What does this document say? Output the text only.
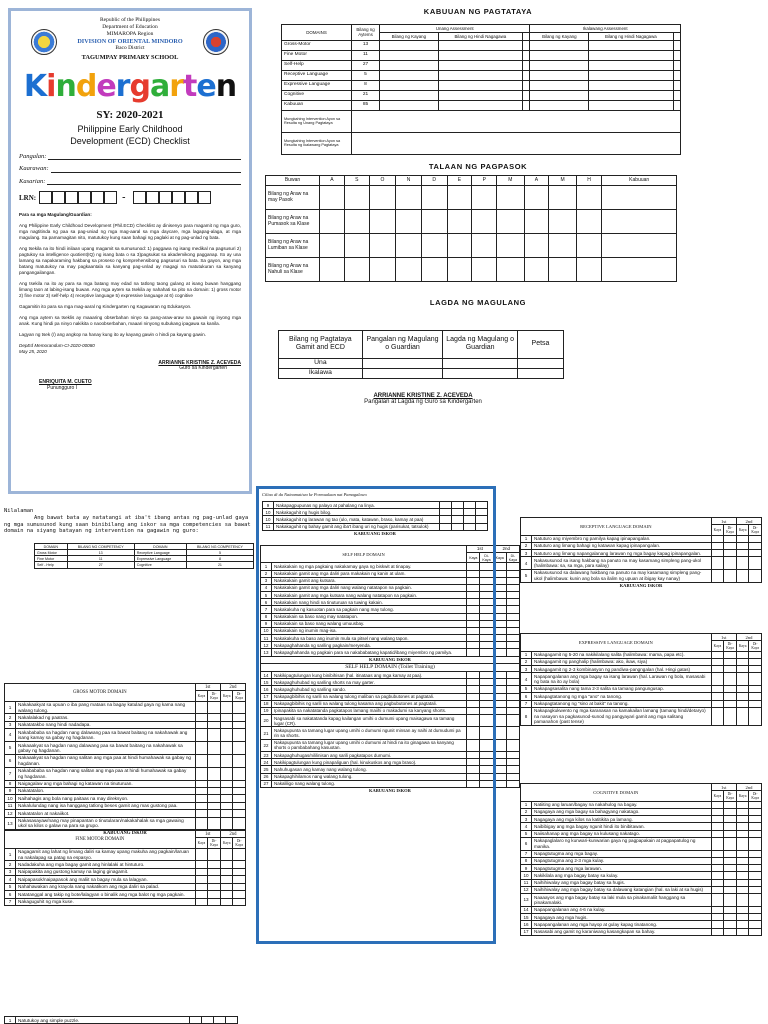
Republic of the Philippines
Department of Education
MIMAROPA Region
DIVISION OF ORIENTAL MINDORO
Baco District
TAGUMPAY PRIMARY SCHOOL
Kindergarten
SY: 2020-2021
Philippine Early Childhood
Development (ECD) Checklist
Pangalan:
Kaarawan:
Kasarian:
LRN:	-
Para sa mga Magulang/Guardian:
Ang Philippine Early Childhood Development (Phil.ECD) Checklist ay dinisenyo para magamit ng mga guro, mga nagtitinda ng paa sa pag-uniad ng mga mag-aaral sa mga daycare, mga lagapag-alaga, at mga magulang. Sa pamamagitan nito, matutukoy kung saan bahagi ng paglaki at ng pag-unlad ng bata.
Ang tsekila na ito hindi inilaan upang magamit sa sumusunod: 1) paggawa ng isang medikal na pagsusuri 2) pagtukoy sa intelligence quotient(IQ) ng isang bata o sa 3)pagsukat sa akademikong pagganap. Ito ay una lamang sa napakaraming hakbang sa proseso ng komprehensibong pagsusuri sa bata. Sa gayon, ang mga batang matutukoy na may pagkaantala sa kanyang pag-unlad ay magagi na matutukuran sa kanyang pangangailangan.
Ang tsekila na ito ay para sa mga batang may edad na tatlong taong gulang at isang buwan hanggang limang taon at labing-isang buwan. Ang mga aytem sa tsekila ay nahahati sa pito na domain: 1) gross motor 2) fine motor 3) self-help 4) receptive language 5) expressive language at 6) cognitive
Gagamitin ito para sa mga mag-aaral ng Kindergarten ng Kagawaran ng Edukasyon.
Ang mga aytem sa tseklis ay maaaring obserbahan ninyo sa pang-araw-araw na gawain ng inyong mga anak. Kung hindi pa ninyo nakikita o naoobserbahan, maaari ninyong subukang ipagawa sa kanila.
Lagyan ng tsek (/) ang angkop na hanay kung ito ay kayang gawin o hindi pa kayang gawin.
DepEd Memorandum-CI-2020-00080
May 25, 2020
ARRIANNE KRISTINE Z. ACEVEDA
Guro sa Kindergarten
ENRIQUITA M. CUETO
Punungguro I
KABUUAN NG PAGTATAYA
DOMAINS	Bilang ng Aytems	Unang Assessment			Ikalawang Assessment		
		Bilang ng Kayang	Bilang ng Hindi Nagagawa		Bilang ng Kayang	Bilang ng Hindi Nagagawa	
Gross-Motor	13						
Fine Motor	11						
Self-Help	27						
Receptive Language	5						
Expressive Language	8						
Cognitive	21						
Kabuuan	85						
Mungkahing Intervention Ayon sa Resulta ng Unang Pagtataya							
Mungkahing Intervention Ayon sa Resulta ng Ikalawang Pagtataya							
TALAAN NG PAGPASOK
Buwan	A	S	O	N	D	E	P	M	A	M	H	Kabuuan
Bilang ng Araw na may Pasok												
Bilang ng Araw na Pumasok sa Klase												
Bilang ng Araw na Lumiban sa Klase												
Bilang ng Araw na Nahuli sa Klase												
LAGDA NG MAGULANG
Bilang ng Pagtataya Gamit and ECD	Pangalan ng Magulang o Guardian	Lagda ng Magulang o Guardian	Petsa
Una			
Ikalawa			
ARRIANNE KRISTINE Z. ACEVEDA
Pangalan at Lagda ng Guro sa Kindergarten
Nilalaman
Ang bawat bata ay natatangi at iba't ibang antas ng pag-unlad gaya ng mga sumusunod kung saan binibilang ang iskor sa mga competencies sa bawat domain na siyang batayan ng intervention na gagawin ng guro:
DOMAIN	BILANG NG COMPETENCY	DOMAIN	BILANG NG COMPETENCY
Gross Motor	13	Receptive Language	5
Fine Motor	11	Expressive Language	8
Self - Help	27	Cognitive	21
GROSS MOTOR DOMAIN		1st		2nd	
		Kaya	Di-Kaya	Kaya	Di-Kaya
1	Nakakaakyat sa upuan o iba pang mataas na bagay katulad gaya ng kama nang walang tulong.				
2	Nakalalakad ng paatras.				
3	Nakatatakbo nang hindi nadadapa.				
4	Nakabababa sa hagdan nang dalawang paa sa bawat baitang na nakahawak ang isang kamay sa gabay ng hagdanan.				
5	Nakaaakyat sa hagdan nang dalawang paa sa bawat baitang na nakahawak sa gabay ng hagdanan.				
6	Nakaaakyat sa hagdan nang salitan ang mga paa at hindi humahawak sa gabay ng hagdanan.				
7	Nakabababa sa hagdan nang salitan ang mga paa at hindi humahawak sa gabay ng hagdanan.				
8	Naigagalaw ang mga bahagi ng katawan na tinuturuan.				
9	Nakatatalon.				
10	Naihahagis ang bola nang paitaas na may direksyon.				
11	Nakalulundag nang isa hanggang tatlong beses gamit ang mas gustong paa.				
12	Nakatatalon at nakaiikot.				
13	Nakasasayaw/nang may pinapantan o tinutularan/nakakahalak sa mga gawaing ukol sa kilos o galaw na para sa grupo.				
KABUUANG ISKOR					
FINE MOTOR DOMAIN		1st		2nd	
		Kaya	Di-Kaya	Kaya	Di-Kaya
1	Nagagamit ang lahat ng limang daliri sa kamay upang makuha ang pagkain/laruan na nakalapag sa patag na espasyo.				
2	Nadadakuha ang mga bagay gamit ang hinlalaki at hintuturo.				
3	Naipapakita ang gustong kamay na laging ginagamit.				
4	Naipapasok/naipapasok ang maliit na bagay mula sa lalagyan.				
5	Nahahawakan ang krayola nang nakatikom ang mga daliri sa palad.				
6	Natatanggal ang takip ng bote/lalagyan o binalik ang mga balot ng mga pagkain.				
7	Nakaguguhit ng mga kuse.				
1	Natutukoy ang simple puzzle.				
Ciliao di da Nainamatiwa ke Pormualaan nat Pamagalawo
9	Nakapagpupunas ng palayo at pahalang na linya.				
10	Nakakaguhit ng hugis bilog.				
10	Nakakaguhit ng larawan ng tao (ulo, mata, katawan, braso, kamay at paa)				
11	Nakakaguhit ng bahay gamit ang iba't ibang uri ng hugis (parisukat, tatsulok)				
KABUUANG ISKOR					
SELF HELP DOMAIN		1st		2nd	
		Kaya	Di-Kaya	Kaya	Di-Kaya
1	Nakakakain ng mga pagkaing nakakamay gaya ng biskwit at tinapay.				
2	Nakakakain gamit ang mga daliri para makakain ng kanin at ulam.				
3	Nakakakain gamit ang kutsara.				
4	Nakakakain gamit ang mga daliri nang walang natatapon na pagkain.				
5	Nakakakain gamit ang mga kutsara nang walang natatapon na pagkain.				
6	Nakakakain nang hindi na tinuturuan sa tuwing kakain.				
7	Nakakakuha ng kasuotan para sa pagkain nang may tulong.				
8	Nakakakain sa baso nang may natatapon.				
9	Nakakakain sa baso nang walang umuusbay.				
10	Nakakakain ng inumin mag-isa.				
11	Nakakakuha sa baso ang inumin mula sa pitsel nang walang tapon.				
12	Nakapaghahanda ng sariling pagkain/meryenda.				
13	Nakapaghahanda ng pagkain para sa nakababatang kapatid/ibang miyembro ng pamilya.				
KABUUANG ISKOR					
SELF HELP DOMAIN (Toilet Training)					
14	Nakikipagtulungan kung binibihisan (hal. itinataas ang mga kamay at paa).				
15	Nakapaghuhubad ng sariling shorts na may garter.				
16	Nakapaghuhubad ng sariling sando.				
17	Nakapagbibihis ng sarili na walang tulong maliban sa pagbubutones at pagtatali.				
18	Nakapagbibihis ng sarili na walang tulong kasama ang pagbubutones at pagtatali.				
19	Ipinapakita sa nakatatanda pagkatapos lamang maiihi o makadumi sa kanyang shorts.				
20	Nagsasabi sa nakatatanda kapag kailangan umihi o dumumi upang maisagawa sa tamang lugar (CR).				
21	Nakapupunta sa tamang lugar upang umihi o dumumi ngunit minsan ay naihi at dumudumi pa rin sa shorts.				
22	Nakapupunta sa tamang lugar upang umihi o dumumi at hindi na ito ginagawa sa kanyang shorts o pambabahang kasuotan.				
23	Nakapaghuhugas/nililinisan ang sarili pagkatapos dumumi.				
24	Nakikipagtulungan kung pinapaliguan (hal. kinukuskos ang mga braso).				
25	Nahuhugasan ang kamay nang walang tulong.				
26	Nakapaghihilamos nang walang tulong.				
27	Nakaliligo nang walang tulong.				
KABUUANG ISKOR					
RECEPTIVE LANGUAGE DOMAIN		1st		2nd	
		Kaya	Di-Kaya	Kaya	Di-Kaya
1	Natuturo ang miyembro ng pamilya kapag ipinapangalan.				
2	Natuturo ang limang bahagi ng katawan kapag ipinapangalan.				
3	Natuturo ang limang napangalanang larawan ng mga bagay kapag ipinapangalan.				
4	Nakasusunod sa isang hakbang na panuto na may kasamang simpleng pang-ukol (halimbawa: sa, sa mga, para sailay)				
5	Nakasusunod sa dalawang hakbang na panuto na may kasamang simpleng pang-ukol (halimbawa: kunin ang bola sa ilalim ng upuan at ibigay kay nanay)				
KABUUANG ISKOR					
EXPRESSIVE LANGUAGE DOMAIN		1st		2nd	
		Kaya	Di-Kaya	Kaya	Di-Kaya
1	Nakagagamit ng 5-20 na nakikilalang salita (halimbawa: mama, papa etc).				
2	Nakagagamit ng panghalip (halimbawa: ako, ikaw, siya)				
3	Nakagagamit ng 2-3 kombinasyon ng pandiwa-pangngalan (hal. Hingi gatas)				
4	Napapangalanan ang mga bagay sa isang larawan (hal. Larawan ng bola, masasabi ng bata na ito ay bola)				
5	Nakapagsasalita nang tama 2-3 salita sa tamang pangungusap.				
6	Nakapagtatanong ng mga "ano" na tanong.				
7	Nakapagtatanong ng "sino at bakit" na tanong.				
8	Nakapagkukwento ng mga karanasan na kamakailan lamang (tamang hindi/detaryo) na nasayon sa pagkasunod-sunod ng pangyayari gamit ang mga salitang pamanahon (past tense)				
COGNITIVE DOMAIN		1st		2nd	
		Kaya	Di-Kaya	Kaya	Di-Kaya
1	Natiiting ang laruan/bagay na nakahulog na bagay.				
2	Nagagaya ang mga bagay sa bahagyang nakatago.				
3	Nagagaya ang mga kilos na katitikita pa lamang.				
4	Naibibigay ang mga bagay ngunit hindi ito binibitawan.				
5	Naiisahanap ang mga bagay na kulusang nakatago.				
6	Nakapaglalaro ng kunwari-kunwarian gaya ng pagpapakain at pagpapatulog ng manika.				
7	Napagtutugma ang mga bagay.				
8	Napagtutugma ang 2-3 mga kulay.				
9	Napagtutugma ang mga larawan.				
10	Nakikilala ang mga bagay batay sa kulay.				
11	Naihihiwalay ang mga bagay batay sa hugis.				
12	Naihihiwalay ang mga bagay batay sa dalawang katangian (hal. sa laki at sa hugis)				
13	Naaaayos ang mga bagay batay sa laki mula sa pinakamaliit hanggang sa pinakamalaki.				
14	Napapangalanan ang 4-6 na kulay.				
15	Nagagaya ang mga hugis.				
16	Napapangalanan ang mga hayop at gulay kapag tinatanong.				
17	Nasasabi ang gamit ng karaniwang kasangkapan sa bahay.				
